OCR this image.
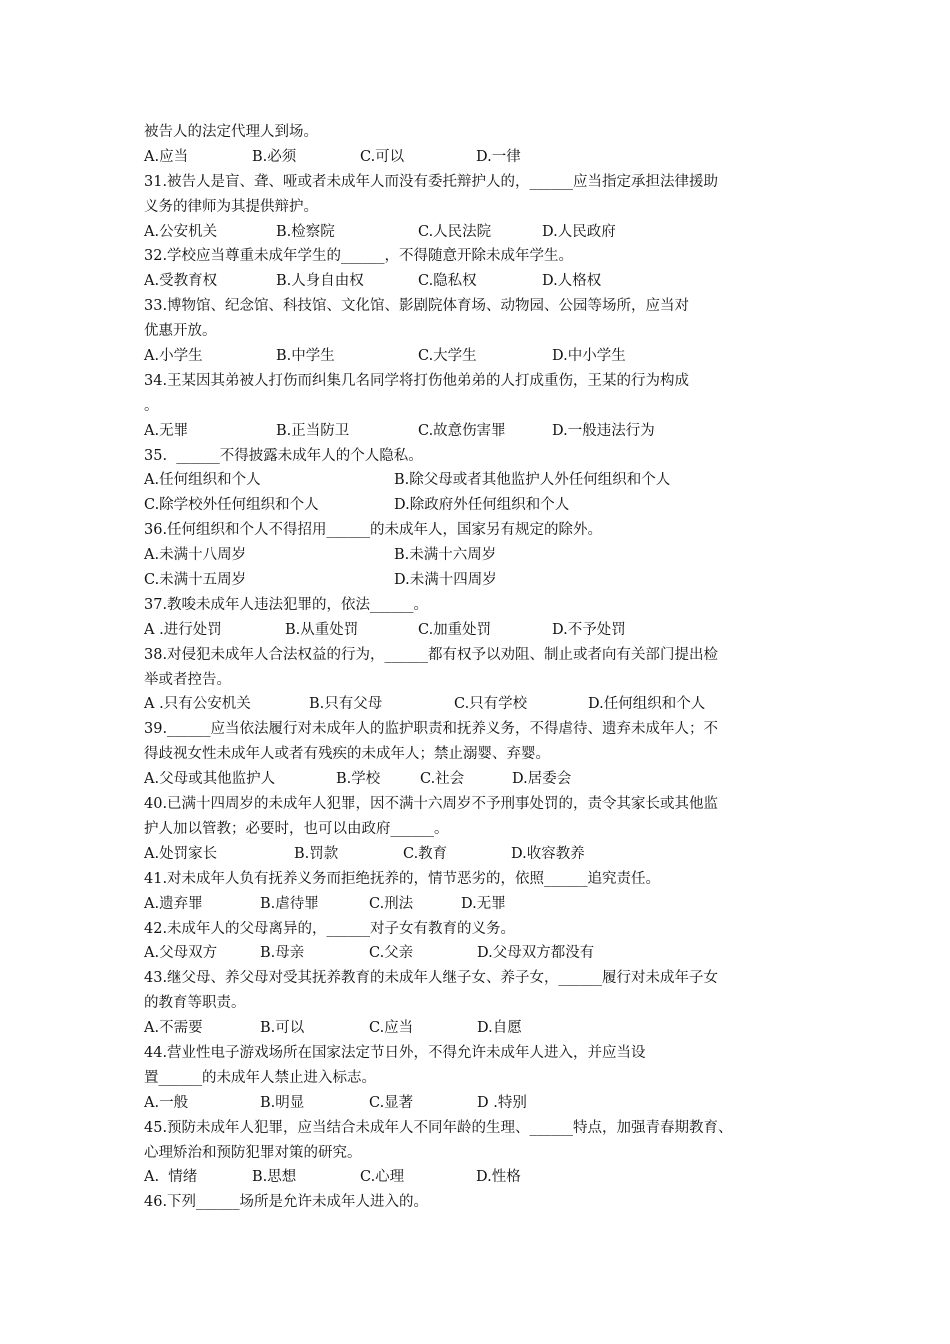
被告人的法定代理人到场。
A.应当	B.必须	C.可以	D.一律
31.被告人是盲、聋、哑或者未成年人而没有委托辩护人的，______应当指定承担法律援助
义务的律师为其提供辩护。
A.公安机关	B.检察院	C.人民法院	D.人民政府
32.学校应当尊重未成年学生的______，不得随意开除未成年学生。
A.受教育权	B.人身自由权	C.隐私权	D.人格权
33.博物馆、纪念馆、科技馆、文化馆、影剧院体育场、动物园、公园等场所，应当对
优惠开放。
A.小学生	B.中学生	C.大学生	D.中小学生
34.王某因其弟被人打伤而纠集几名同学将打伤他弟弟的人打成重伤，王某的行为构成
。
A.无罪	B.正当防卫	C.故意伤害罪	D.一般违法行为
35.  ______不得披露未成年人的个人隐私。
A.任何组织和个人	B.除父母或者其他监护人外任何组织和个人
C.除学校外任何组织和个人	D.除政府外任何组织和个人
36.任何组织和个人不得招用______的未成年人，国家另有规定的除外。
A.未满十八周岁	B.未满十六周岁
C.未满十五周岁	D.未满十四周岁
37.教唆未成年人违法犯罪的，依法______。
A .进行处罚	B.从重处罚	C.加重处罚	D.不予处罚
38.对侵犯未成年人合法权益的行为，______都有权予以劝阻、制止或者向有关部门提出检
举或者控告。
A .只有公安机关	B.只有父母	C.只有学校	D.任何组织和个人
39.______应当依法履行对未成年人的监护职责和抚养义务，不得虐待、遗弃未成年人；不
得歧视女性未成年人或者有残疾的未成年人；禁止溺婴、弃婴。
A.父母或其他监护人	B.学校	C.社会	D.居委会
40.已满十四周岁的未成年人犯罪，因不满十六周岁不予刑事处罚的，责令其家长或其他监
护人加以管教；必要时，也可以由政府______。
A.处罚家长	B.罚款	C.教育	D.收容教养
41.对未成年人负有抚养义务而拒绝抚养的，情节恶劣的，依照______追究责任。
A.遗弃罪	B.虐待罪	C.刑法	D.无罪
42.未成年人的父母离异的，______对子女有教育的义务。
A.父母双方	B.母亲	C.父亲	D.父母双方都没有
43.继父母、养父母对受其抚养教育的未成年人继子女、养子女，______履行对未成年子女
的教育等职责。
A.不需要	B.可以	C.应当	D.自愿
44.营业性电子游戏场所在国家法定节日外，不得允许未成年人进入，并应当设
置______的未成年人禁止进入标志。
A.一般	B.明显	C.显著	D .特别
45.预防未成年人犯罪，应当结合未成年人不同年龄的生理、______特点，加强青春期教育、
心理矫治和预防犯罪对策的研究。
A.  情绪	B.思想	C.心理	D.性格
46.下列______场所是允许未成年人进入的。
